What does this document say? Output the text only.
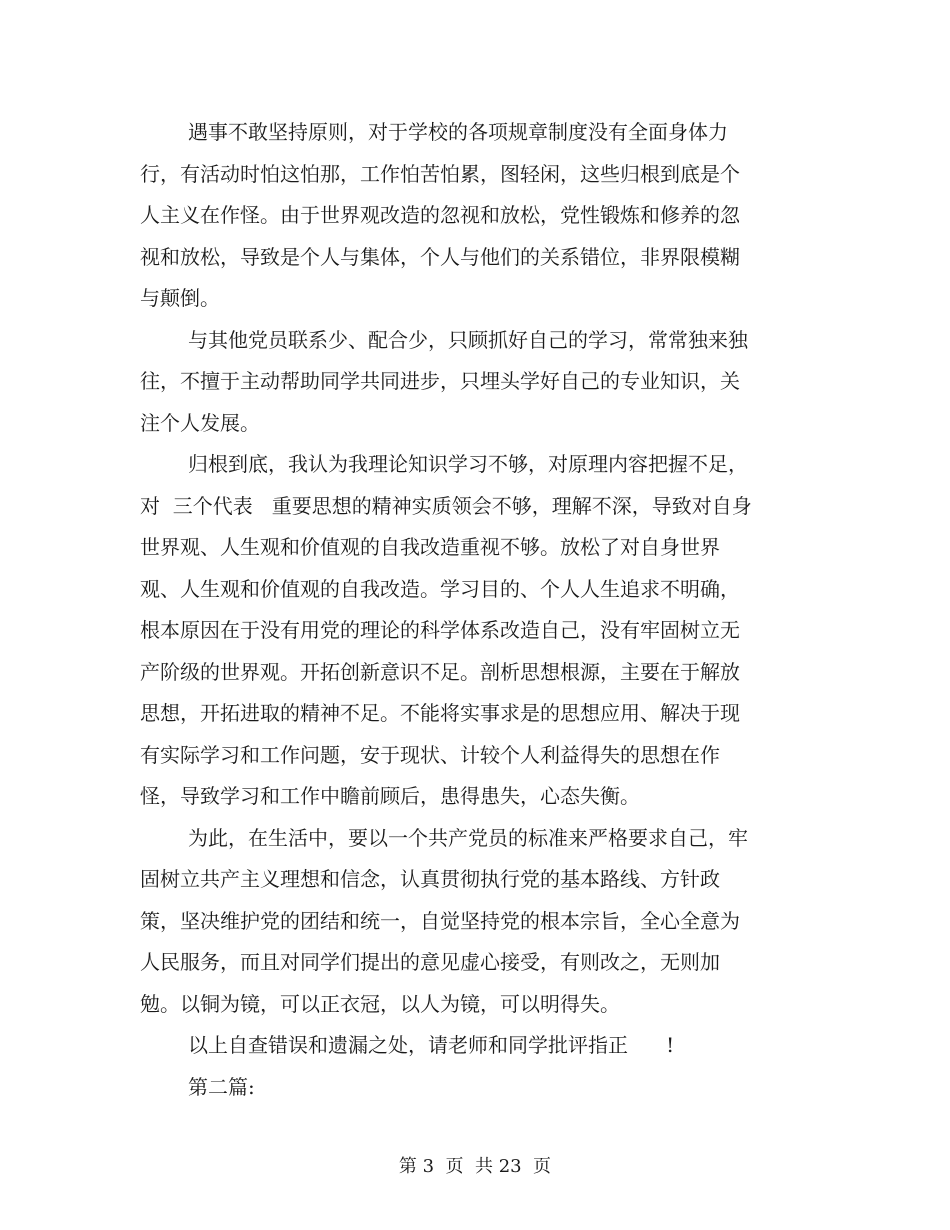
遇事不敢坚持原则，对于学校的各项规章制度没有全面身体力
行，有活动时怕这怕那，工作怕苦怕累，图轻闲，这些归根到底是个
人主义在作怪。由于世界观改造的忽视和放松，党性锻炼和修养的忽
视和放松，导致是个人与集体，个人与他们的关系错位，非界限模糊
与颠倒。
与其他党员联系少、配合少，只顾抓好自己的学习，常常独来独
往，不擅于主动帮助同学共同进步，只埋头学好自己的专业知识，关
注个人发展。
归根到底，我认为我理论知识学习不够，对原理内容把握不足，
对  三个代表   重要思想的精神实质领会不够，理解不深，导致对自身
世界观、人生观和价值观的自我改造重视不够。放松了对自身世界
观、人生观和价值观的自我改造。学习目的、个人人生追求不明确，
根本原因在于没有用党的理论的科学体系改造自己，没有牢固树立无
产阶级的世界观。开拓创新意识不足。剖析思想根源，主要在于解放
思想，开拓进取的精神不足。不能将实事求是的思想应用、解决于现
有实际学习和工作问题，安于现状、计较个人利益得失的思想在作
怪，导致学习和工作中瞻前顾后，患得患失，心态失衡。
为此，在生活中，要以一个共产党员的标准来严格要求自己，牢
固树立共产主义理想和信念，认真贯彻执行党的基本路线、方针政
策，坚决维护党的团结和统一，自觉坚持党的根本宗旨，全心全意为
人民服务，而且对同学们提出的意见虚心接受，有则改之，无则加
勉。以铜为镜，可以正衣冠，以人为镜，可以明得失。
以上自查错误和遗漏之处，请老师和同学批评指正      !
第二篇:
第 3  页  共 23  页
